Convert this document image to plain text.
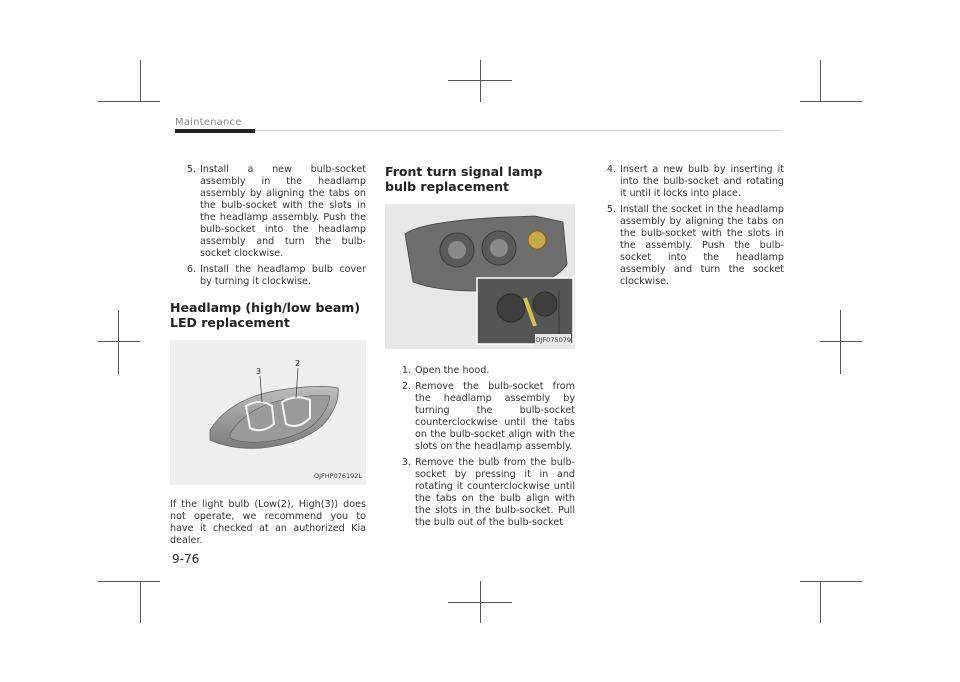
Maintenance
5. Install a new bulb-socket assembly in the headlamp assembly by aligning the tabs on the bulb-socket with the slots in the headlamp assembly. Push the bulb-socket into the headlamp assembly and turn the bulb-socket clockwise.
6. Install the headlamp bulb cover by turning it clockwise.
Headlamp (high/low beam) LED replacement
3
2
OJFHP076192L

If the light bulb (Low(2), High(3)) does not operate, we recommend you to have it checked at an authorized Kia dealer.

Front turn signal lamp bulb replacement
OJF075079
1. Open the hood.
2. Remove the bulb-socket from the headlamp assembly by turning the bulb-socket counterclockwise until the tabs on the bulb-socket align with the slots on the headlamp assembly.
3. Remove the bulb from the bulb-socket by pressing it in and rotating it counterclockwise until the tabs on the bulb align with the slots in the bulb-socket. Pull the bulb out of the bulb-socket
4. Insert a new bulb by inserting it into the bulb-socket and rotating it until it locks into place.
5. Install the socket in the headlamp assembly by aligning the tabs on the bulb-socket with the slots in the assembly. Push the bulb-socket into the headlamp assembly and turn the socket clockwise.
9-76
